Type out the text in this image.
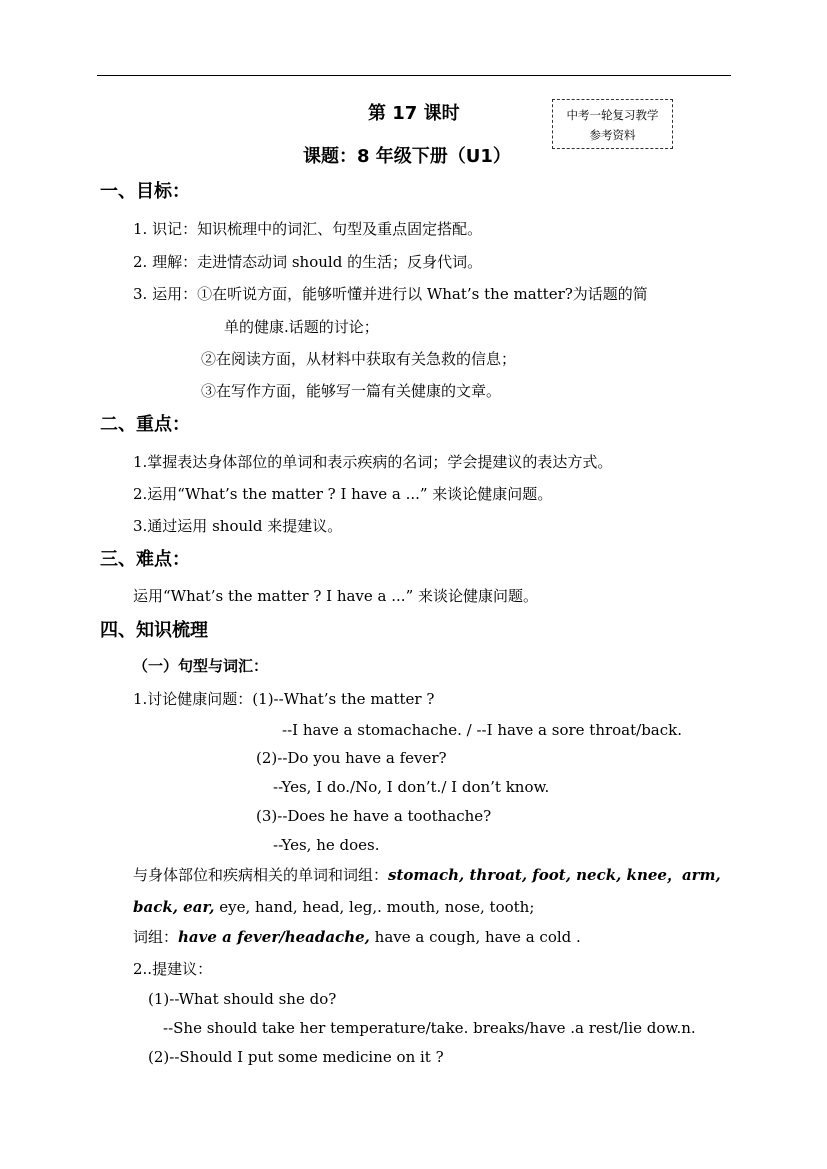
第 17 课时
课题：8 年级下册（U1）
中考一轮复习教学
参考资料
一、目标：
1. 识记：知识梳理中的词汇、句型及重点固定搭配。
2. 理解：走进情态动词 should 的生活；反身代词。
3. 运用：①在听说方面，能够听懂并进行以 What’s the matter?为话题的简
单的健康.话题的讨论；
②在阅读方面，从材料中获取有关急救的信息；
③在写作方面，能够写一篇有关健康的文章。
二、重点：
1.掌握表达身体部位的单词和表示疾病的名词；学会提建议的表达方式。
2.运用“What’s the matter ? I have a ...” 来谈论健康问题。
3.通过运用 should 来提建议。
三、难点：
运用“What’s the matter ? I have a ...” 来谈论健康问题。
四、知识梳理
（一）句型与词汇：
1.讨论健康问题：(1)--What’s the matter ?
--I have a stomachache. / --I have a sore throat/back.
(2)--Do you have a fever?
--Yes, I do./No, I don’t./ I don’t know.
(3)--Does he have a toothache?
--Yes, he does.
与身体部位和疾病相关的单词和词组：stomach, throat, foot, neck, knee，arm,
back, ear, eye, hand, head, leg,. mouth, nose, tooth;
词组：have a fever/headache, have a cough, have a cold .
2..提建议：
(1)--What should she do?
--She should take her temperature/take. breaks/have .a rest/lie dow.n.
(2)--Should I put some medicine on it ?
